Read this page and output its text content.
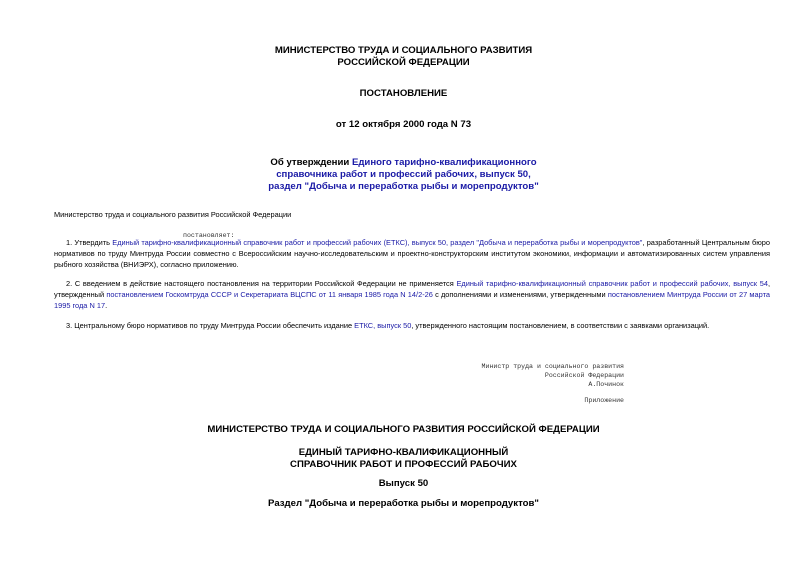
МИНИСТЕРСТВО ТРУДА И СОЦИАЛЬНОГО РАЗВИТИЯ
РОССИЙСКОЙ ФЕДЕРАЦИИ
ПОСТАНОВЛЕНИЕ
от 12 октября 2000 года N 73
Об утверждении Единого тарифно-квалификационного
справочника работ и профессий рабочих, выпуск 50,
раздел "Добыча и переработка рыбы и морепродуктов"
Министерство труда и социального развития Российской Федерации
постановляет:
1. Утвердить Единый тарифно-квалификационный справочник работ и профессий рабочих (ЕТКС), выпуск 50, раздел "Добыча и переработка рыбы и морепродуктов", разработанный Центральным бюро нормативов по труду Минтруда России совместно с Всероссийским научно-исследовательским и проектно-конструкторским институтом экономики, информации и автоматизированных систем управления рыбного хозяйства (ВНИЭРХ), согласно приложению.
2. С введением в действие настоящего постановления на территории Российской Федерации не применяется Единый тарифно-квалификационный справочник работ и профессий рабочих, выпуск 54, утвержденный постановлением Госкомтруда СССР и Секретариата ВЦСПС от 11 января 1985 года N 14/2-26 с дополнениями и изменениями, утвержденными постановлением Минтруда России от 27 марта 1995 года N 17.
3. Центральному бюро нормативов по труду Минтруда России обеспечить издание ЕТКС, выпуск 50, утвержденного настоящим постановлением, в соответствии с заявками организаций.
Министр труда и социального развития
Российской Федерации
А.Починок
Приложение
МИНИСТЕРСТВО ТРУДА И СОЦИАЛЬНОГО РАЗВИТИЯ РОССИЙСКОЙ ФЕДЕРАЦИИ
ЕДИНЫЙ ТАРИФНО-КВАЛИФИКАЦИОННЫЙ
СПРАВОЧНИК РАБОТ И ПРОФЕССИЙ РАБОЧИХ
Выпуск 50
Раздел "Добыча и переработка рыбы и морепродуктов"
